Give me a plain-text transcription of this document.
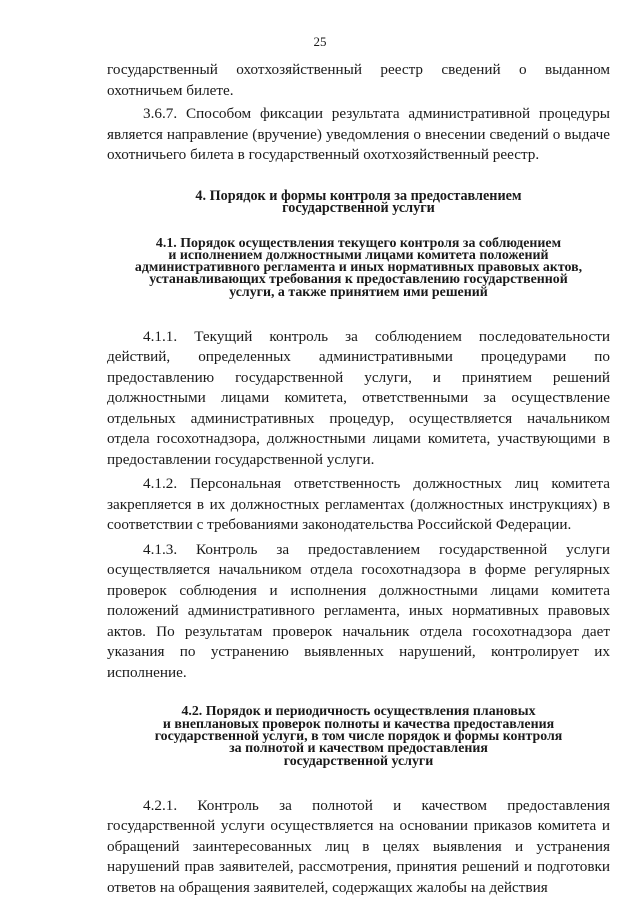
25

государственный охотхозяйственный реестр сведений о выданном охотничьем билете.

3.6.7. Способом фиксации результата административной процедуры является направление (вручение) уведомления о внесении сведений о выдаче охотничьего билета в государственный охотхозяйственный реестр.

4. Порядок и формы контроля за предоставлением
государственной услуги
4.1. Порядок осуществления текущего контроля за соблюдением
и исполнением должностными лицами комитета положений
административного регламента и иных нормативных правовых актов,
устанавливающих требования к предоставлению государственной
услуги, а также принятием ими решений

4.1.1. Текущий контроль за соблюдением последовательности действий, определенных административными процедурами по предоставлению государственной услуги, и принятием решений должностными лицами комитета, ответственными за осуществление отдельных административных процедур, осуществляется начальником отдела госохотнадзора, должностными лицами комитета, участвующими в предоставлении государственной услуги.

4.1.2. Персональная ответственность должностных лиц комитета закрепляется в их должностных регламентах (должностных инструкциях) в соответствии с требованиями законодательства Российской Федерации.

4.1.3. Контроль за предоставлением государственной услуги осуществляется начальником отдела госохотнадзора в форме регулярных проверок соблюдения и исполнения должностными лицами комитета положений административного регламента, иных нормативных правовых актов. По результатам проверок начальник отдела госохотнадзора дает указания по устранению выявленных нарушений, контролирует их исполнение.

4.2. Порядок и периодичность осуществления плановых
и внеплановых проверок полноты и качества предоставления
государственной услуги, в том числе порядок и формы контроля
за полнотой и качеством предоставления
государственной услуги

4.2.1. Контроль за полнотой и качеством предоставления государственной услуги осуществляется на основании приказов комитета и обращений заинтересованных лиц в целях выявления и устранения нарушений прав заявителей, рассмотрения, принятия решений и подготовки ответов на обращения заявителей, содержащих жалобы на действия
